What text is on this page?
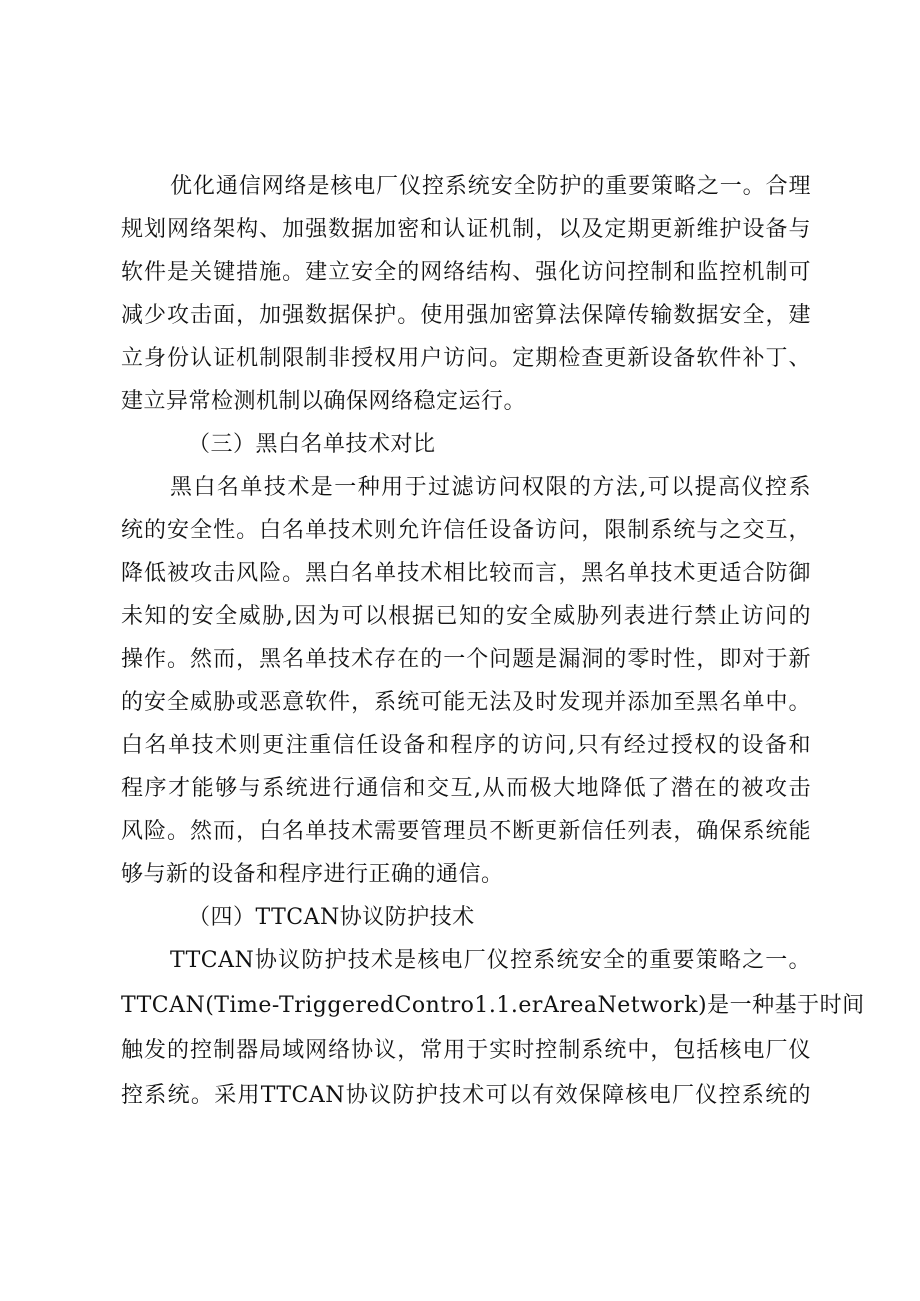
优化通信网络是核电厂仪控系统安全防护的重要策略之一。合理
规划网络架构、加强数据加密和认证机制，以及定期更新维护设备与
软件是关键措施。建立安全的网络结构、强化访问控制和监控机制可
减少攻击面，加强数据保护。使用强加密算法保障传输数据安全，建
立身份认证机制限制非授权用户访问。定期检查更新设备软件补丁、
建立异常检测机制以确保网络稳定运行。
（三）黑白名单技术对比
黑白名单技术是一种用于过滤访问权限的方法,可以提高仪控系
统的安全性。白名单技术则允许信任设备访问，限制系统与之交互，
降低被攻击风险。黑白名单技术相比较而言，黑名单技术更适合防御
未知的安全威胁,因为可以根据已知的安全威胁列表进行禁止访问的
操作。然而，黑名单技术存在的一个问题是漏洞的零时性，即对于新
的安全威胁或恶意软件，系统可能无法及时发现并添加至黑名单中。
白名单技术则更注重信任设备和程序的访问,只有经过授权的设备和
程序才能够与系统进行通信和交互,从而极大地降低了潜在的被攻击
风险。然而，白名单技术需要管理员不断更新信任列表，确保系统能
够与新的设备和程序进行正确的通信。
（四）TTCAN协议防护技术
TTCAN协议防护技术是核电厂仪控系统安全的重要策略之一。
TTCAN(Time-TriggeredContro1.1.erAreaNetwork)是一种基于时间
触发的控制器局域网络协议，常用于实时控制系统中，包括核电厂仪
控系统。采用TTCAN协议防护技术可以有效保障核电厂仪控系统的
